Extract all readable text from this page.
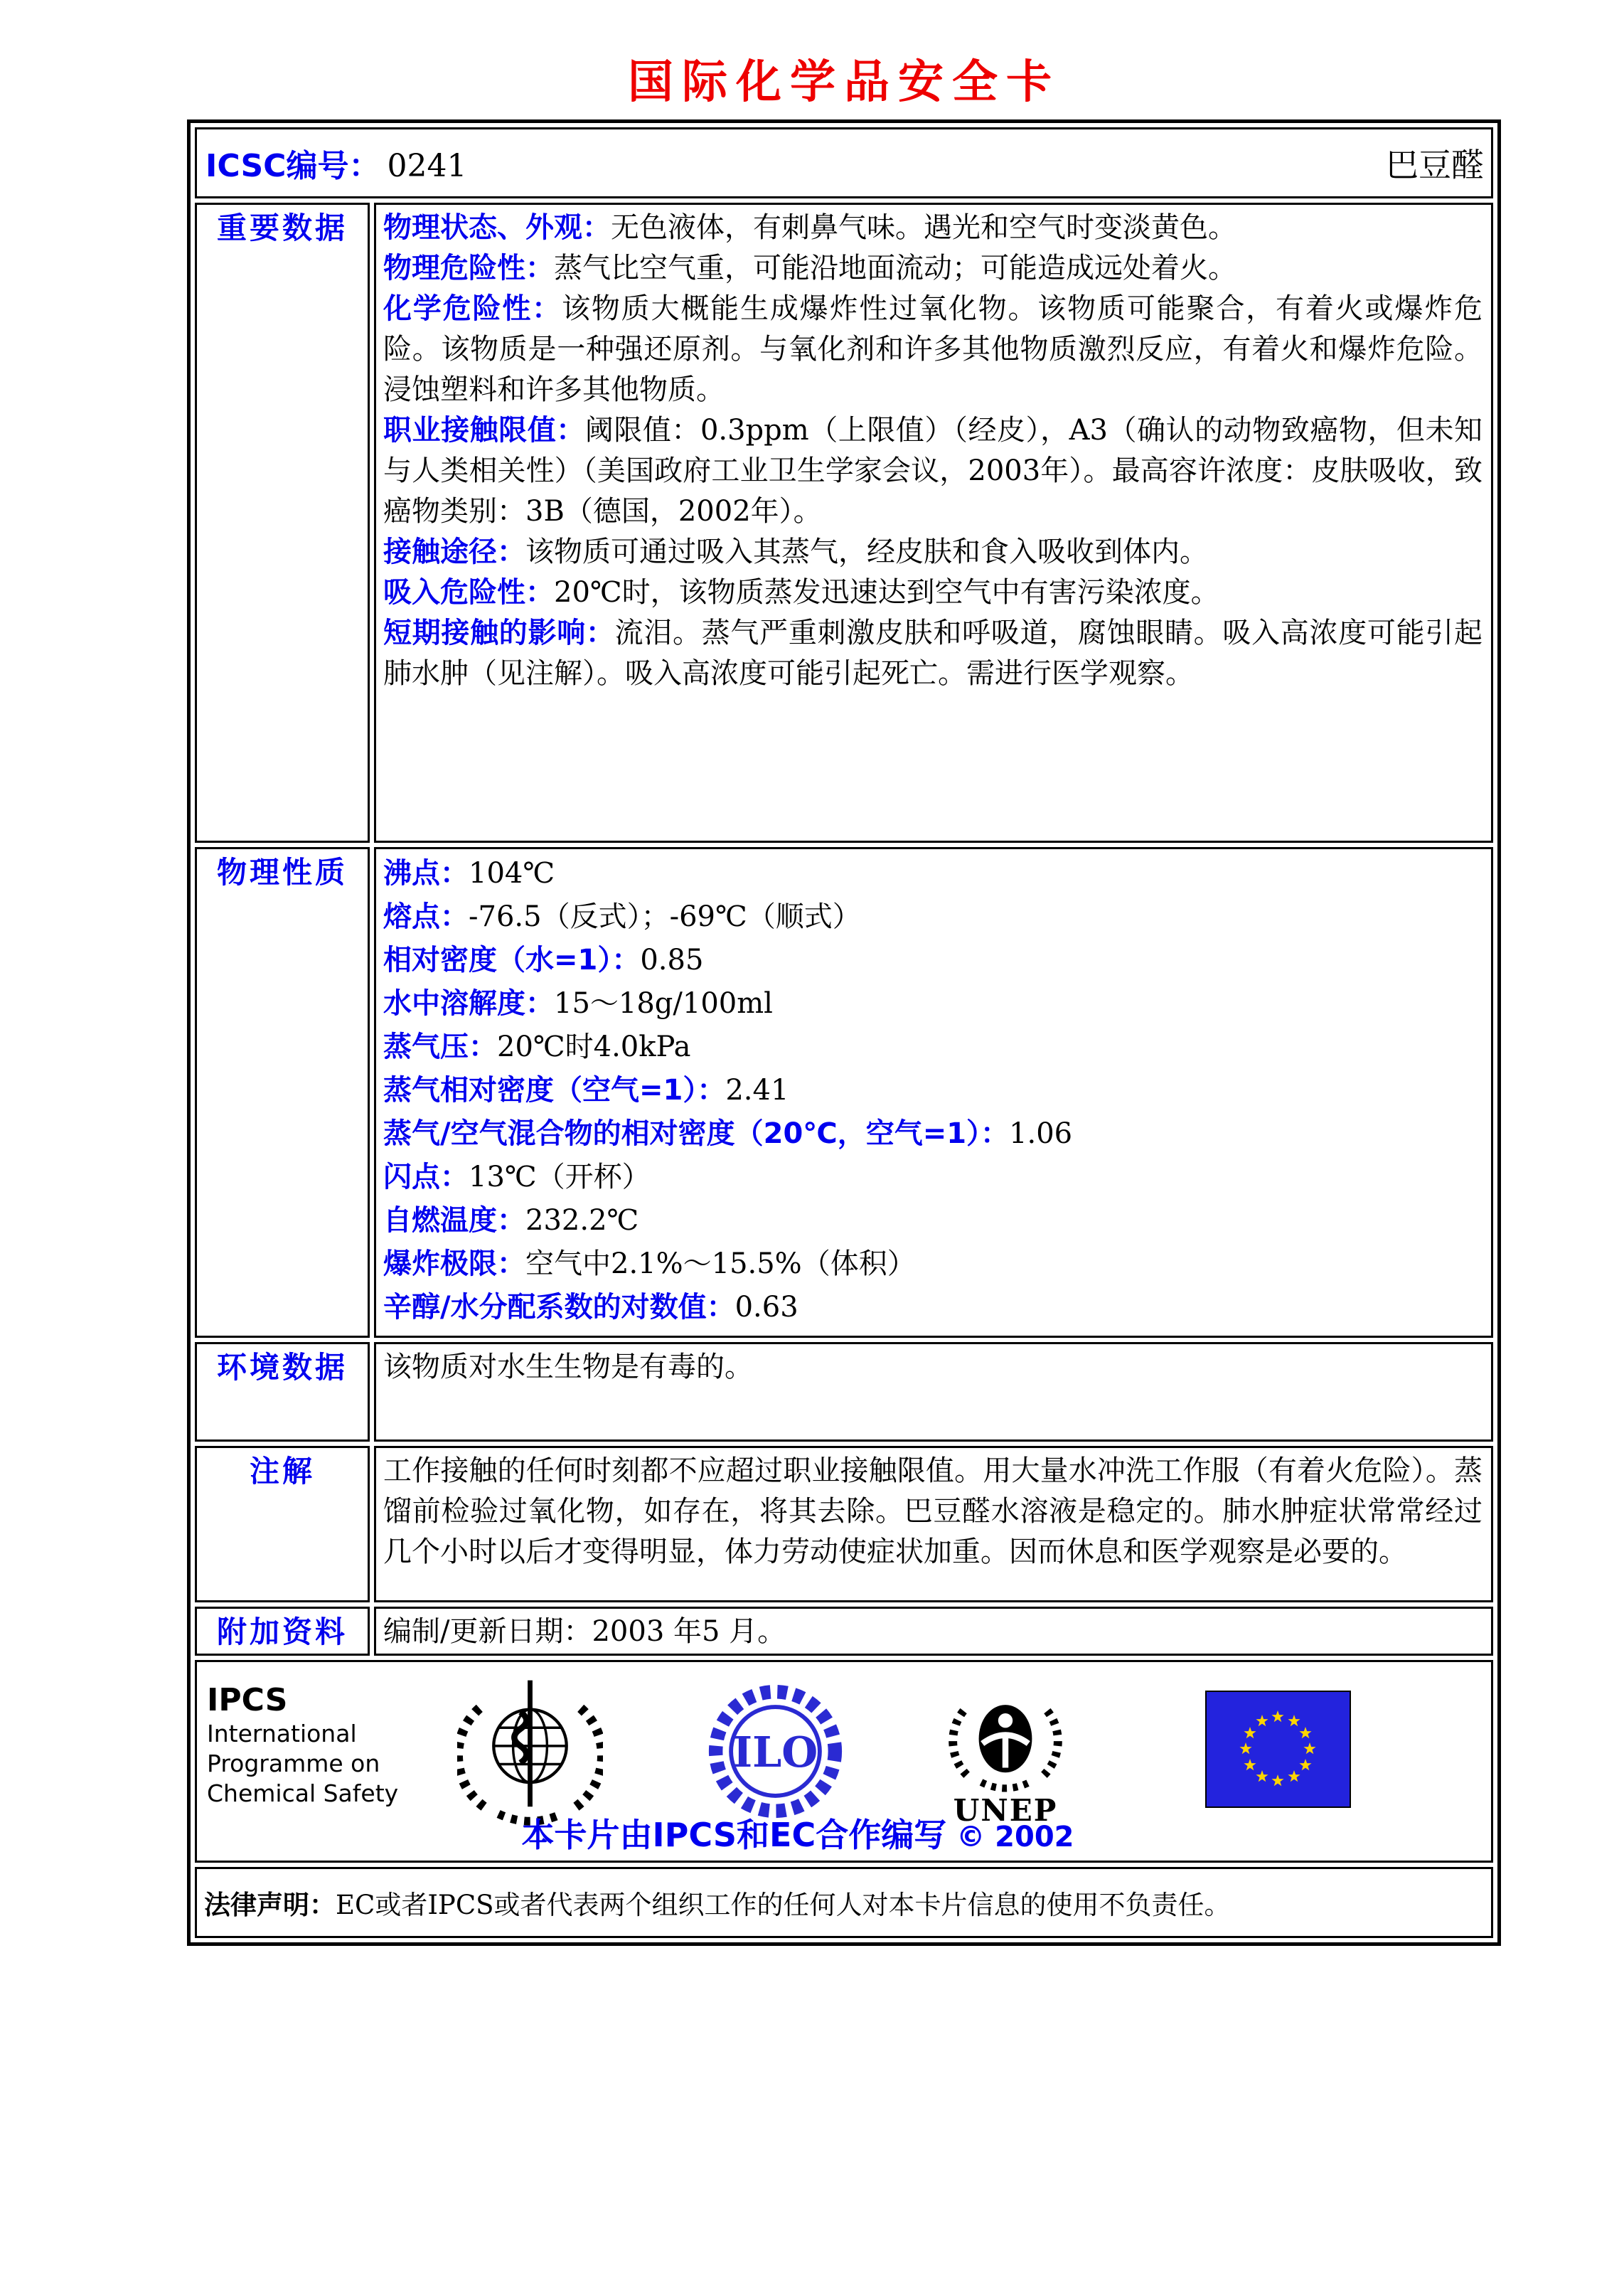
国际化学品安全卡
ICSC编号： 0241 巴豆醛	

重要数据	物理状态、外观：无色液体，有刺鼻气味。遇光和空气时变淡黄色。

物理危险性：蒸气比空气重，可能沿地面流动；可能造成远处着火。

化学危险性：该物质大概能生成爆炸性过氧化物。该物质可能聚合，有着火或爆炸危险。该物质是一种强还原剂。与氧化剂和许多其他物质激烈反应，有着火和爆炸危险。浸蚀塑料和许多其他物质。

职业接触限值：阈限值：0.3ppm（上限值）（经皮），A3（确认的动物致癌物，但未知与人类相关性）（美国政府工业卫生学家会议，2003年）。最高容许浓度：皮肤吸收，致癌物类别：3B（德国，2002年）。

接触途径：该物质可通过吸入其蒸气，经皮肤和食入吸收到体内。

吸入危险性：20℃时，该物质蒸发迅速达到空气中有害污染浓度。

短期接触的影响：流泪。蒸气严重刺激皮肤和呼吸道，腐蚀眼睛。吸入高浓度可能引起肺水肿（见注解）。吸入高浓度可能引起死亡。需进行医学观察。

物理性质	沸点：104℃

熔点：-76.5（反式）；-69℃（顺式）

相对密度（水=1）：0.85

水中溶解度：15～18g/100ml

蒸气压：20℃时4.0kPa

蒸气相对密度（空气=1）：2.41

蒸气/空气混合物的相对密度（20℃，空气=1）：1.06

闪点：13℃（开杯）

自燃温度：232.2℃

爆炸极限：空气中2.1%～15.5%（体积）

辛醇/水分配系数的对数值：0.63

环境数据	该物质对水生生物是有毒的。

注解	工作接触的任何时刻都不应超过职业接触限值。用大量水冲洗工作服（有着火危险）。蒸馏前检验过氧化物，如存在，将其去除。巴豆醛水溶液是稳定的。肺水肿症状常常经过几个小时以后才变得明显，体力劳动使症状加重。因而休息和医学观察是必要的。

附加资料	编制/更新日期：2003 年5 月。

IPCS
International
Programme on
Chemical Safety
ILO
UNEP
本卡片由IPCS和EC合作编写 © 2002

法律声明：EC或者IPCS或者代表两个组织工作的任何人对本卡片信息的使用不负责任。	
